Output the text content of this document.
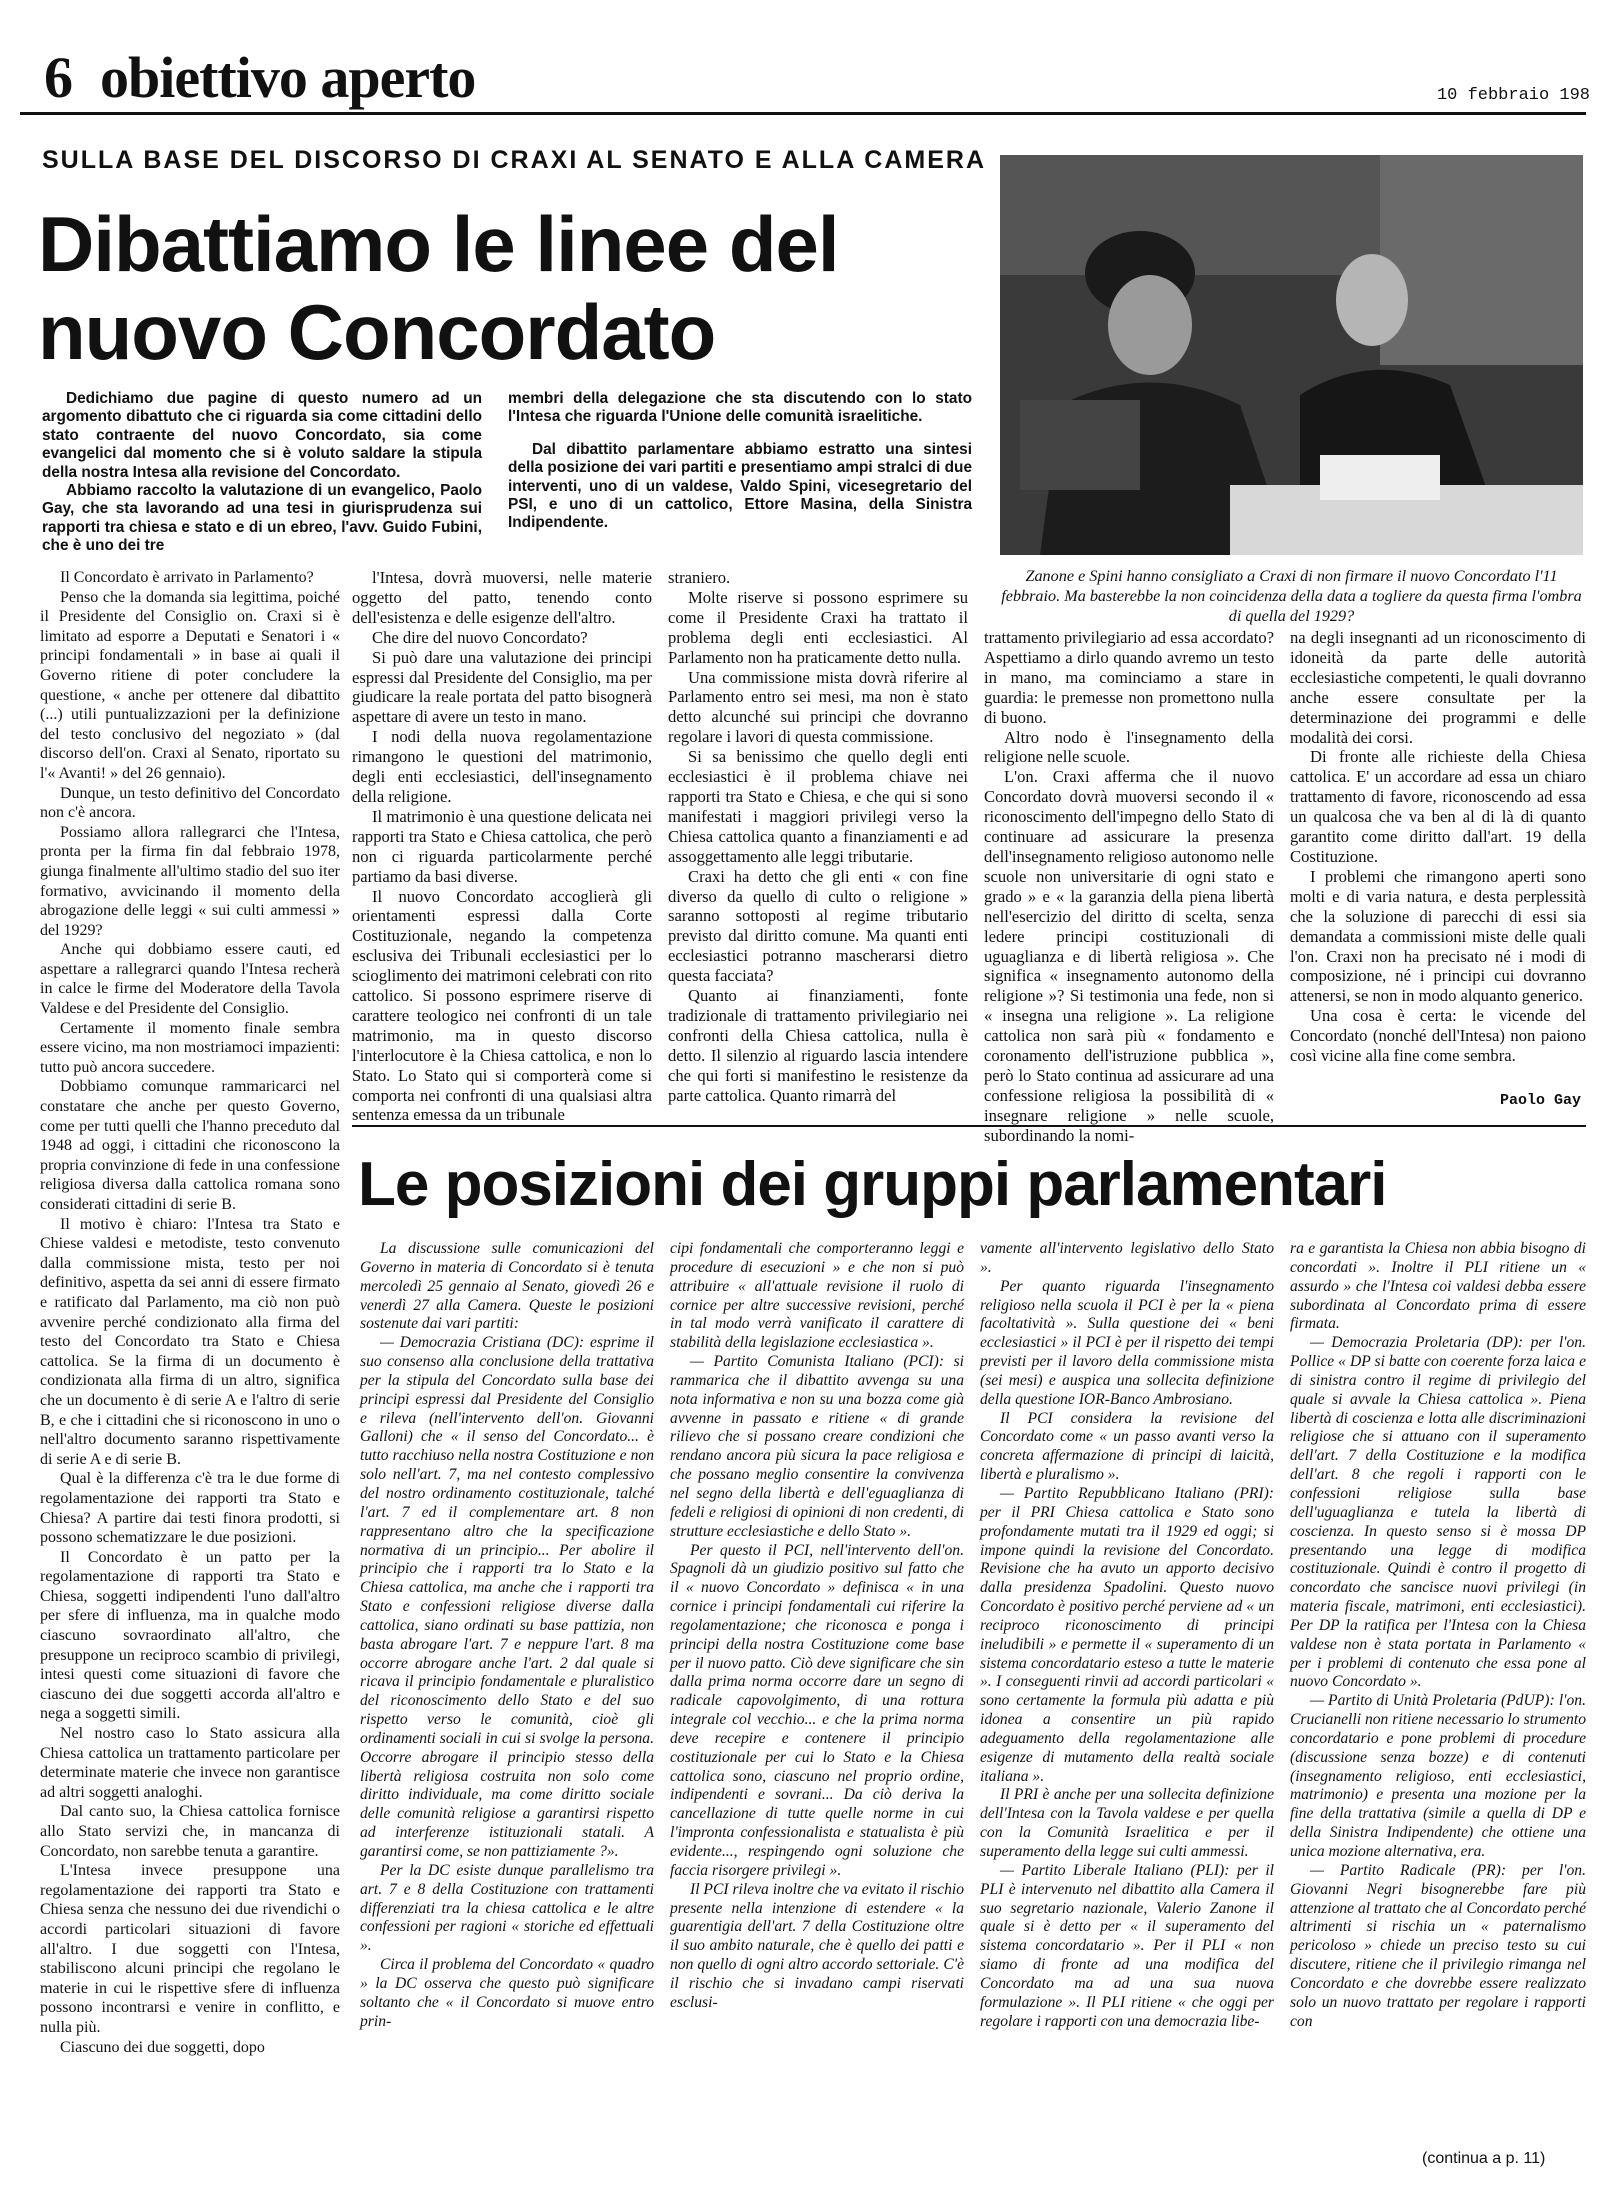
6 obiettivo aperto	10 febbraio 198
SULLA BASE DEL DISCORSO DI CRAXI AL SENATO E ALLA CAMERA
Dibattiamo le linee del nuovo Concordato

Dedichiamo due pagine di questo numero ad un argomento dibattuto che ci riguarda sia come cittadini dello stato contraente del nuovo Concordato, sia come evangelici dal momento che si è voluto saldare la stipula della nostra Intesa alla revisione del Concordato.

Abbiamo raccolto la valutazione di un evangelico, Paolo Gay, che sta lavorando ad una tesi in giurisprudenza sui rapporti tra chiesa e stato e di un ebreo, l'avv. Guido Fubini, che è uno dei tre

membri della delegazione che sta discutendo con lo stato l'Intesa che riguarda l'Unione delle comunità israelitiche.

Dal dibattito parlamentare abbiamo estratto una sintesi della posizione dei vari partiti e presentiamo ampi stralci di due interventi, uno di un valdese, Valdo Spini, vicesegretario del PSI, e uno di un cattolico, Ettore Masina, della Sinistra Indipendente.

Zanone e Spini hanno consigliato a Craxi di non firmare il nuovo Concordato l'11 febbraio. Ma basterebbe la non coincidenza della data a togliere da questa firma l'ombra di quella del 1929?

Il Concordato è arrivato in Parlamento?

Penso che la domanda sia legittima, poiché il Presidente del Consiglio on. Craxi si è limitato ad esporre a Deputati e Senatori i « principi fondamentali » in base ai quali il Governo ritiene di poter concludere la questione, « anche per ottenere dal dibattito (...) utili puntualizzazioni per la definizione del testo conclusivo del negoziato » (dal discorso dell'on. Craxi al Senato, riportato su l'« Avanti! » del 26 gennaio).

Dunque, un testo definitivo del Concordato non c'è ancora.

Possiamo allora rallegrarci che l'Intesa, pronta per la firma fin dal febbraio 1978, giunga finalmente all'ultimo stadio del suo iter formativo, avvicinando il momento della abrogazione delle leggi « sui culti ammessi » del 1929?

Anche qui dobbiamo essere cauti, ed aspettare a rallegrarci quando l'Intesa recherà in calce le firme del Moderatore della Tavola Valdese e del Presidente del Consiglio.

Certamente il momento finale sembra essere vicino, ma non mostriamoci impazienti: tutto può ancora succedere.

Dobbiamo comunque rammaricarci nel constatare che anche per questo Governo, come per tutti quelli che l'hanno preceduto dal 1948 ad oggi, i cittadini che riconoscono la propria convinzione di fede in una confessione religiosa diversa dalla cattolica romana sono considerati cittadini di serie B.

Il motivo è chiaro: l'Intesa tra Stato e Chiese valdesi e metodiste, testo convenuto dalla commissione mista, testo per noi definitivo, aspetta da sei anni di essere firmato e ratificato dal Parlamento, ma ciò non può avvenire perché condizionato alla firma del testo del Concordato tra Stato e Chiesa cattolica. Se la firma di un documento è condizionata alla firma di un altro, significa che un documento è di serie A e l'altro di serie B, e che i cittadini che si riconoscono in uno o nell'altro documento saranno rispettivamente di serie A e di serie B.

Qual è la differenza c'è tra le due forme di regolamentazione dei rapporti tra Stato e Chiesa? A partire dai testi finora prodotti, si possono schematizzare le due posizioni.

Il Concordato è un patto per la regolamentazione di rapporti tra Stato e Chiesa, soggetti indipendenti l'uno dall'altro per sfere di influenza, ma in qualche modo ciascuno sovraordinato all'altro, che presuppone un reciproco scambio di privilegi, intesi questi come situazioni di favore che ciascuno dei due soggetti accorda all'altro e nega a soggetti simili.

Nel nostro caso lo Stato assicura alla Chiesa cattolica un trattamento particolare per determinate materie che invece non garantisce ad altri soggetti analoghi.

Dal canto suo, la Chiesa cattolica fornisce allo Stato servizi che, in mancanza di Concordato, non sarebbe tenuta a garantire.

L'Intesa invece presuppone una regolamentazione dei rapporti tra Stato e Chiesa senza che nessuno dei due rivendichi o accordi particolari situazioni di favore all'altro. I due soggetti con l'Intesa, stabiliscono alcuni principi che regolano le materie in cui le rispettive sfere di influenza possono incontrarsi e venire in conflitto, e nulla più.

Ciascuno dei due soggetti, dopo

l'Intesa, dovrà muoversi, nelle materie oggetto del patto, tenendo conto dell'esistenza e delle esigenze dell'altro.

Che dire del nuovo Concordato?

Si può dare una valutazione dei principi espressi dal Presidente del Consiglio, ma per giudicare la reale portata del patto bisognerà aspettare di avere un testo in mano.

I nodi della nuova regolamentazione rimangono le questioni del matrimonio, degli enti ecclesiastici, dell'insegnamento della religione.

Il matrimonio è una questione delicata nei rapporti tra Stato e Chiesa cattolica, che però non ci riguarda particolarmente perché partiamo da basi diverse.

Il nuovo Concordato accoglierà gli orientamenti espressi dalla Corte Costituzionale, negando la competenza esclusiva dei Tribunali ecclesiastici per lo scioglimento dei matrimoni celebrati con rito cattolico. Si possono esprimere riserve di carattere teologico nei confronti di un tale matrimonio, ma in questo discorso l'interlocutore è la Chiesa cattolica, e non lo Stato. Lo Stato qui si comporterà come si comporta nei confronti di una qualsiasi altra sentenza emessa da un tribunale

straniero.

Molte riserve si possono esprimere su come il Presidente Craxi ha trattato il problema degli enti ecclesiastici. Al Parlamento non ha praticamente detto nulla.

Una commissione mista dovrà riferire al Parlamento entro sei mesi, ma non è stato detto alcunché sui principi che dovranno regolare i lavori di questa commissione.

Si sa benissimo che quello degli enti ecclesiastici è il problema chiave nei rapporti tra Stato e Chiesa, e che qui si sono manifestati i maggiori privilegi verso la Chiesa cattolica quanto a finanziamenti e ad assoggettamento alle leggi tributarie.

Craxi ha detto che gli enti « con fine diverso da quello di culto o religione » saranno sottoposti al regime tributario previsto dal diritto comune. Ma quanti enti ecclesiastici potranno mascherarsi dietro questa facciata?

Quanto ai finanziamenti, fonte tradizionale di trattamento privilegiario nei confronti della Chiesa cattolica, nulla è detto. Il silenzio al riguardo lascia intendere che qui forti si manifestino le resistenze da parte cattolica. Quanto rimarrà del

trattamento privilegiario ad essa accordato? Aspettiamo a dirlo quando avremo un testo in mano, ma cominciamo a stare in guardia: le premesse non promettono nulla di buono.

Altro nodo è l'insegnamento della religione nelle scuole.

L'on. Craxi afferma che il nuovo Concordato dovrà muoversi secondo il « riconoscimento dell'impegno dello Stato di continuare ad assicurare la presenza dell'insegnamento religioso autonomo nelle scuole non universitarie di ogni stato e grado » e « la garanzia della piena libertà nell'esercizio del diritto di scelta, senza ledere principi costituzionali di uguaglianza e di libertà religiosa ». Che significa « insegnamento autonomo della religione »? Si testimonia una fede, non si « insegna una religione ». La religione cattolica non sarà più « fondamento e coronamento dell'istruzione pubblica », però lo Stato continua ad assicurare ad una confessione religiosa la possibilità di « insegnare religione » nelle scuole, subordinando la nomi-

na degli insegnanti ad un riconoscimento di idoneità da parte delle autorità ecclesiastiche competenti, le quali dovranno anche essere consultate per la determinazione dei programmi e delle modalità dei corsi.

Di fronte alle richieste della Chiesa cattolica. E' un accordare ad essa un chiaro trattamento di favore, riconoscendo ad essa un qualcosa che va ben al di là di quanto garantito come diritto dall'art. 19 della Costituzione.

I problemi che rimangono aperti sono molti e di varia natura, e desta perplessità che la soluzione di parecchi di essi sia demandata a commissioni miste delle quali l'on. Craxi non ha precisato né i modi di composizione, né i principi cui dovranno attenersi, se non in modo alquanto generico.

Una cosa è certa: le vicende del Concordato (nonché dell'Intesa) non paiono così vicine alla fine come sembra.

Paolo Gay
Le posizioni dei gruppi parlamentari

La discussione sulle comunicazioni del Governo in materia di Concordato si è tenuta mercoledì 25 gennaio al Senato, giovedì 26 e venerdì 27 alla Camera. Queste le posizioni sostenute dai vari partiti:

— Democrazia Cristiana (DC): esprime il suo consenso alla conclusione della trattativa per la stipula del Concordato sulla base dei principi espressi dal Presidente del Consiglio e rileva (nell'intervento dell'on. Giovanni Galloni) che « il senso del Concordato... è tutto racchiuso nella nostra Costituzione e non solo nell'art. 7, ma nel contesto complessivo del nostro ordinamento costituzionale, talché l'art. 7 ed il complementare art. 8 non rappresentano altro che la specificazione normativa di un principio... Per abolire il principio che i rapporti tra lo Stato e la Chiesa cattolica, ma anche che i rapporti tra Stato e confessioni religiose diverse dalla cattolica, siano ordinati su base pattizia, non basta abrogare l'art. 7 e neppure l'art. 8 ma occorre abrogare anche l'art. 2 dal quale si ricava il principio fondamentale e pluralistico del riconoscimento dello Stato e del suo rispetto verso le comunità, cioè gli ordinamenti sociali in cui si svolge la persona. Occorre abrogare il principio stesso della libertà religiosa costruita non solo come diritto individuale, ma come diritto sociale delle comunità religiose a garantirsi rispetto ad interferenze istituzionali statali. A garantirsi come, se non pattiziamente ?».

Per la DC esiste dunque parallelismo tra art. 7 e 8 della Costituzione con trattamenti differenziati tra la chiesa cattolica e le altre confessioni per ragioni « storiche ed effettuali ».

Circa il problema del Concordato « quadro » la DC osserva che questo può significare soltanto che « il Concordato si muove entro prin-

cipi fondamentali che comporteranno leggi e procedure di esecuzioni » e che non si può attribuire « all'attuale revisione il ruolo di cornice per altre successive revisioni, perché in tal modo verrà vanificato il carattere di stabilità della legislazione ecclesiastica ».

— Partito Comunista Italiano (PCI): si rammarica che il dibattito avvenga su una nota informativa e non su una bozza come già avvenne in passato e ritiene « di grande rilievo che si possano creare condizioni che rendano ancora più sicura la pace religiosa e che possano meglio consentire la convivenza nel segno della libertà e dell'eguaglianza di fedeli e religiosi di opinioni di non credenti, di strutture ecclesiastiche e dello Stato ».

Per questo il PCI, nell'intervento dell'on. Spagnoli dà un giudizio positivo sul fatto che il « nuovo Concordato » definisca « in una cornice i principi fondamentali cui riferire la regolamentazione; che riconosca e ponga i principi della nostra Costituzione come base per il nuovo patto. Ciò deve significare che sin dalla prima norma occorre dare un segno di radicale capovolgimento, di una rottura integrale col vecchio... e che la prima norma deve recepire e contenere il principio costituzionale per cui lo Stato e la Chiesa cattolica sono, ciascuno nel proprio ordine, indipendenti e sovrani... Da ciò deriva la cancellazione di tutte quelle norme in cui l'impronta confessionalista e statualista è più evidente..., respingendo ogni soluzione che faccia risorgere privilegi ».

Il PCI rileva inoltre che va evitato il rischio presente nella intenzione di estendere « la guarentigia dell'art. 7 della Costituzione oltre il suo ambito naturale, che è quello dei patti e non quello di ogni altro accordo settoriale. C'è il rischio che si invadano campi riservati esclusi-

vamente all'intervento legislativo dello Stato ».

Per quanto riguarda l'insegnamento religioso nella scuola il PCI è per la « piena facoltatività ». Sulla questione dei « beni ecclesiastici » il PCI è per il rispetto dei tempi previsti per il lavoro della commissione mista (sei mesi) e auspica una sollecita definizione della questione IOR-Banco Ambrosiano.

Il PCI considera la revisione del Concordato come « un passo avanti verso la concreta affermazione di principi di laicità, libertà e pluralismo ».

— Partito Repubblicano Italiano (PRI): per il PRI Chiesa cattolica e Stato sono profondamente mutati tra il 1929 ed oggi; si impone quindi la revisione del Concordato. Revisione che ha avuto un apporto decisivo dalla presidenza Spadolini. Questo nuovo Concordato è positivo perché perviene ad « un reciproco riconoscimento di principi ineludibili » e permette il « superamento di un sistema concordatario esteso a tutte le materie ». I conseguenti rinvii ad accordi particolari « sono certamente la formula più adatta e più idonea a consentire un più rapido adeguamento della regolamentazione alle esigenze di mutamento della realtà sociale italiana ».

Il PRI è anche per una sollecita definizione dell'Intesa con la Tavola valdese e per quella con la Comunità Israelitica e per il superamento della legge sui culti ammessi.

— Partito Liberale Italiano (PLI): per il PLI è intervenuto nel dibattito alla Camera il suo segretario nazionale, Valerio Zanone il quale si è detto per « il superamento del sistema concordatario ». Per il PLI « non siamo di fronte ad una modifica del Concordato ma ad una sua nuova formulazione ». Il PLI ritiene « che oggi per regolare i rapporti con una democrazia libe-

ra e garantista la Chiesa non abbia bisogno di concordati ». Inoltre il PLI ritiene un « assurdo » che l'Intesa coi valdesi debba essere subordinata al Concordato prima di essere firmata.

— Democrazia Proletaria (DP): per l'on. Pollice « DP si batte con coerente forza laica e di sinistra contro il regime di privilegio del quale si avvale la Chiesa cattolica ». Piena libertà di coscienza e lotta alle discriminazioni religiose che si attuano con il superamento dell'art. 7 della Costituzione e la modifica dell'art. 8 che regoli i rapporti con le confessioni religiose sulla base dell'uguaglianza e tutela la libertà di coscienza. In questo senso si è mossa DP presentando una legge di modifica costituzionale. Quindi è contro il progetto di concordato che sancisce nuovi privilegi (in materia fiscale, matrimoni, enti ecclesiastici). Per DP la ratifica per l'Intesa con la Chiesa valdese non è stata portata in Parlamento « per i problemi di contenuto che essa pone al nuovo Concordato ».

— Partito di Unità Proletaria (PdUP): l'on. Crucianelli non ritiene necessario lo strumento concordatario e pone problemi di procedure (discussione senza bozze) e di contenuti (insegnamento religioso, enti ecclesiastici, matrimonio) e presenta una mozione per la fine della trattativa (simile a quella di DP e della Sinistra Indipendente) che ottiene una unica mozione alternativa, era.

— Partito Radicale (PR): per l'on. Giovanni Negri bisognerebbe fare più attenzione al trattato che al Concordato perché altrimenti si rischia un « paternalismo pericoloso » chiede un preciso testo su cui discutere, ritiene che il privilegio rimanga nel Concordato e che dovrebbe essere realizzato solo un nuovo trattato per regolare i rapporti con

(continua a p. 11)
